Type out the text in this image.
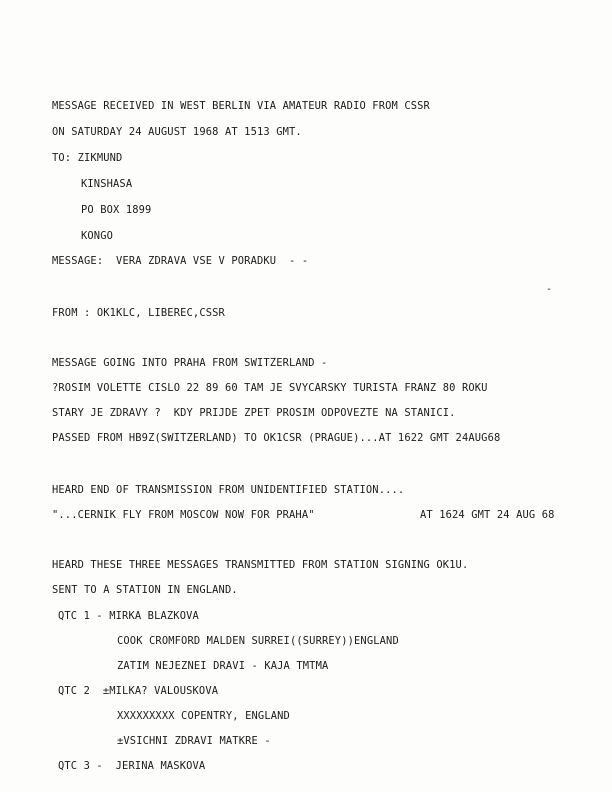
MESSAGE RECEIVED IN WEST BERLIN VIA AMATEUR RADIO FROM CSSR
ON SATURDAY 24 AUGUST 1968 AT 1513 GMT.
TO: ZIKMUND
KINSHASA
PO BOX 1899
KONGO
MESSAGE:  VERA ZDRAVA VSE V PORADKU  - -
FROM : OK1KLC, LIBEREC,CSSR
MESSAGE GOING INTO PRAHA FROM SWITZERLAND -
?ROSIM VOLETTE CISLO 22 89 60 TAM JE SVYCARSKY TURISTA FRANZ 80 ROKU
STARY JE ZDRAVY ?  KDY PRIJDE ZPET PROSIM ODPOVEZTE NA STANICI.
PASSED FROM HB9Z(SWITZERLAND) TO OK1CSR (PRAGUE)...AT 1622 GMT 24AUG68
HEARD END OF TRANSMISSION FROM UNIDENTIFIED STATION....
"...CERNIK FLY FROM MOSCOW NOW FOR PRAHA"	AT 1624 GMT 24 AUG 68
HEARD THESE THREE MESSAGES TRANSMITTED FROM STATION SIGNING OK1U.
SENT TO A STATION IN ENGLAND.
QTC 1 - MIRKA BLAZKOVA
COOK CROMFORD MALDEN SURREI((SURREY))ENGLAND
ZATIM NEJEZNEI DRAVI - KAJA TMTMA
QTC 2  ±MILKA? VALOUSKOVA
XXXXXXXXX COPENTRY, ENGLAND
±VSICHNI ZDRAVI MATKRE -
QTC 3 -  JERINA MASKOVA
-
